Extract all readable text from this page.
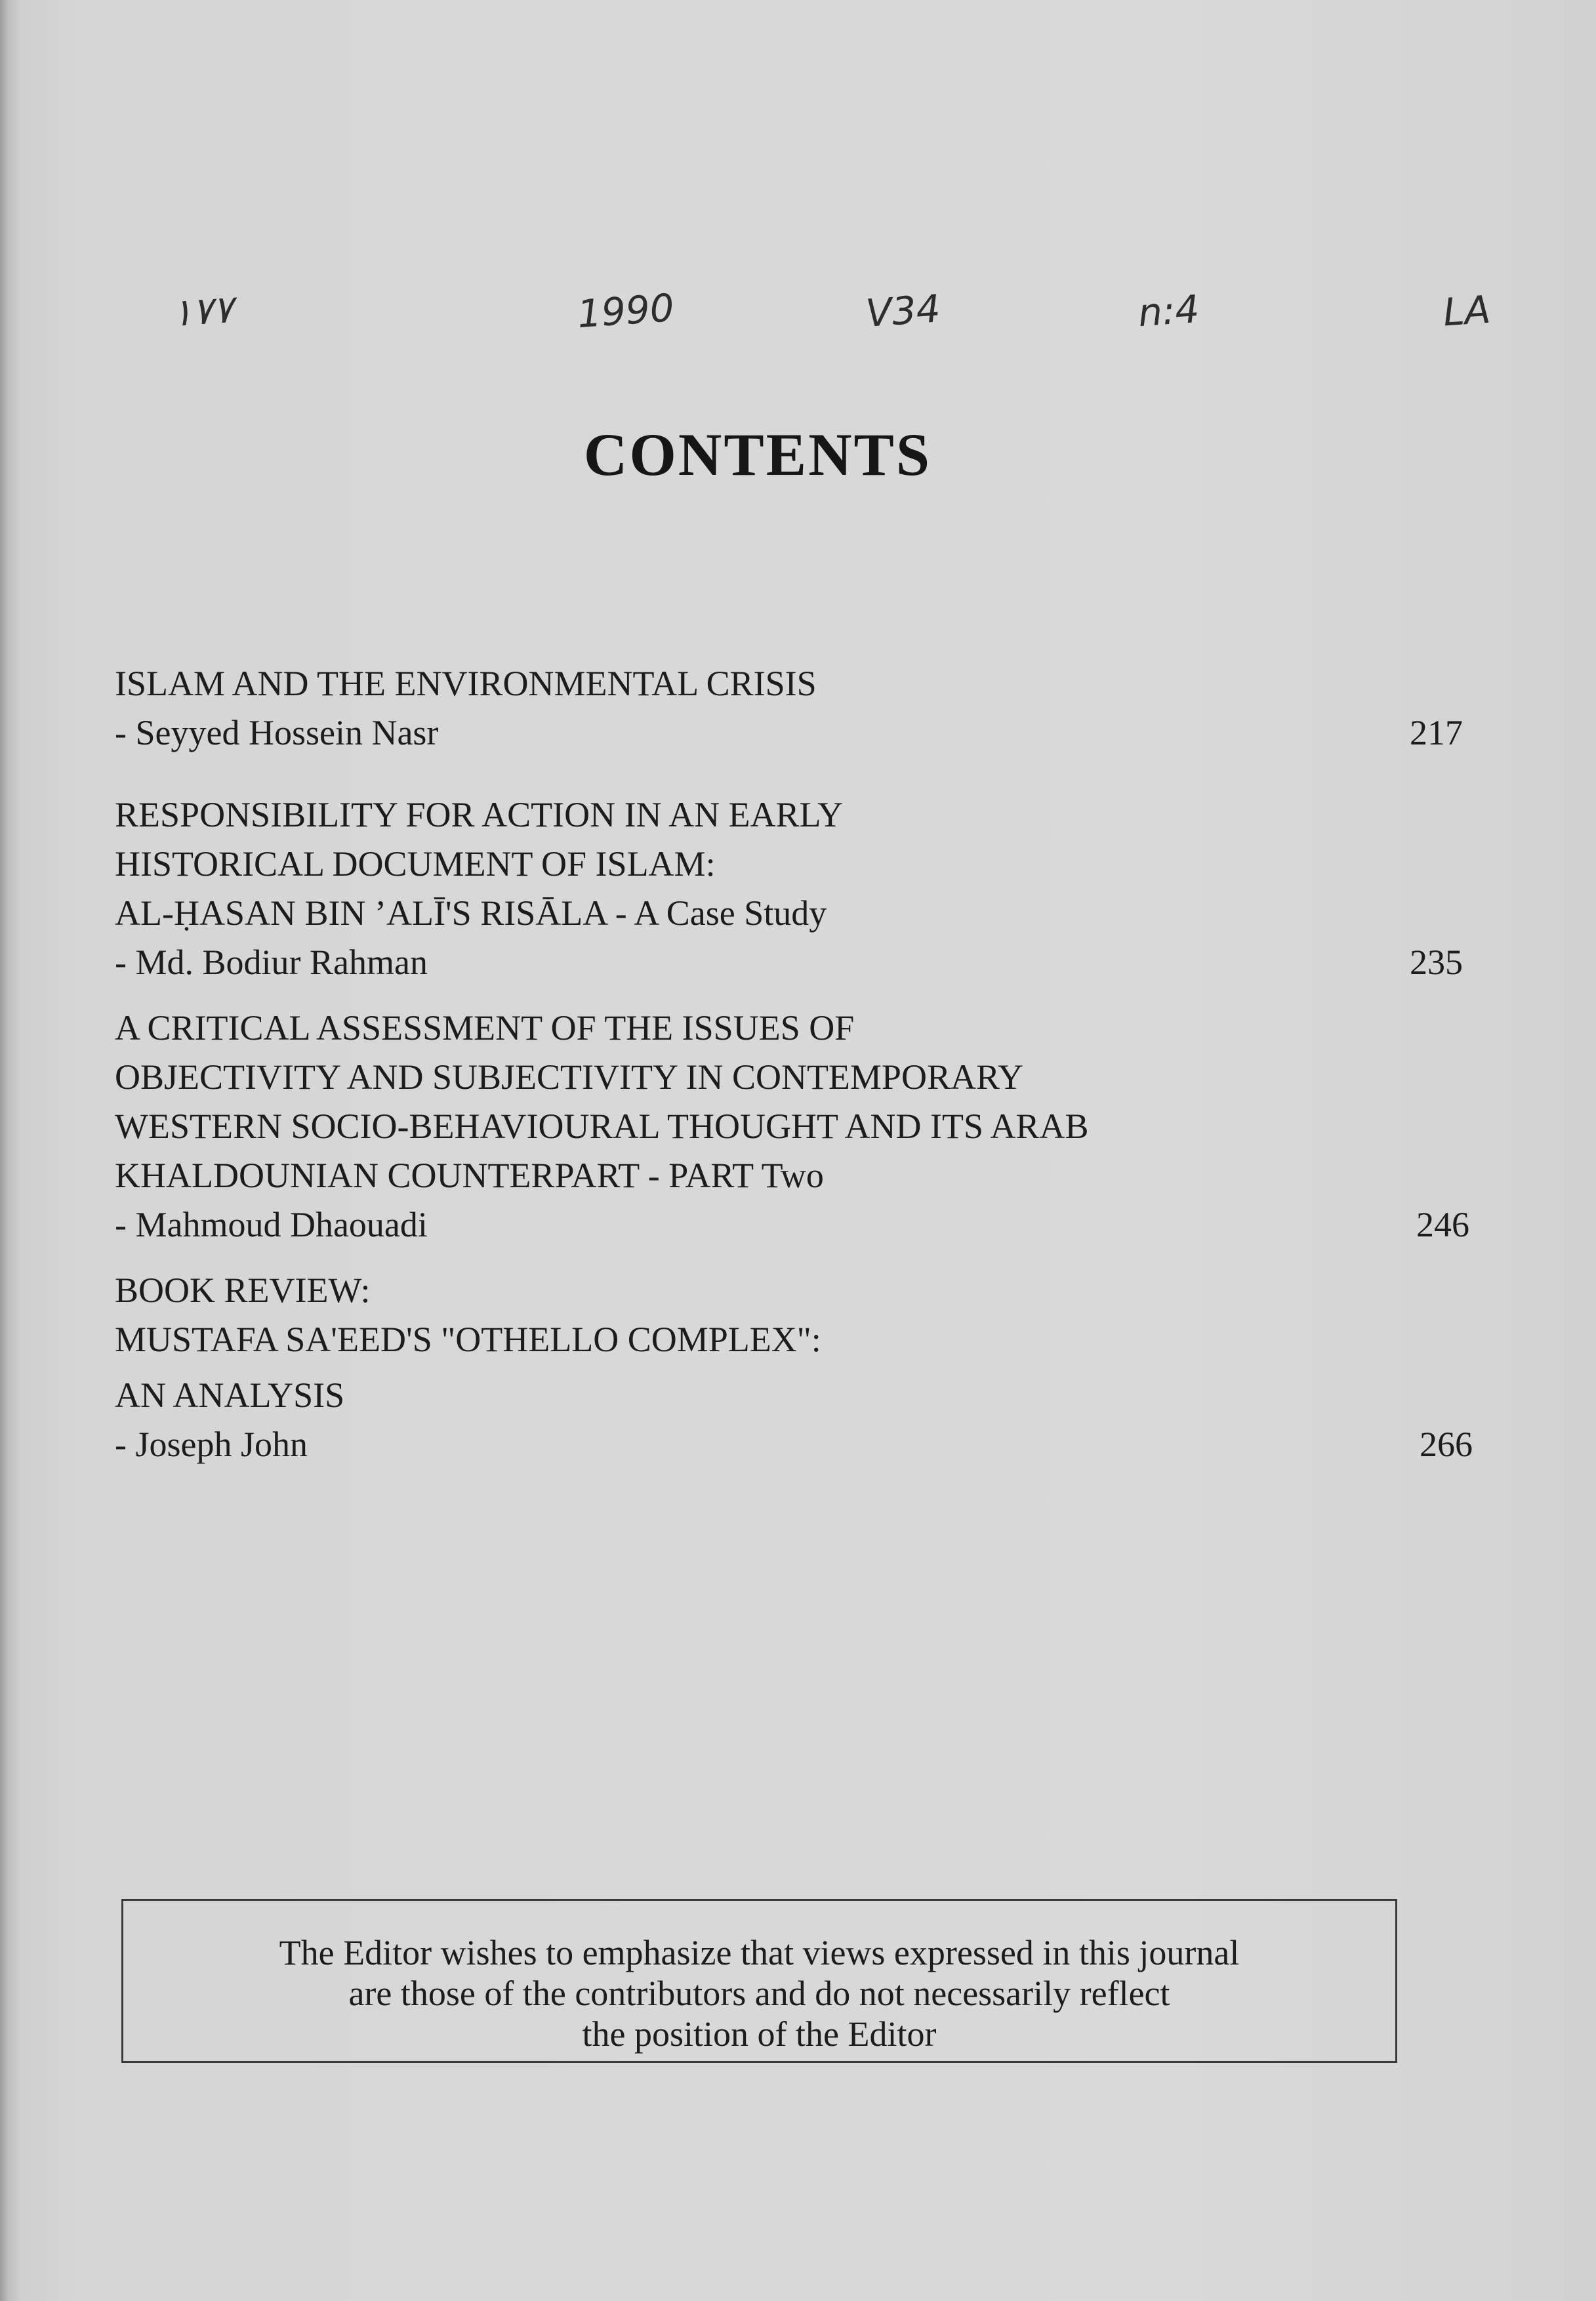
۱۷۷	1990	V34	n:4	LA
CONTENTS
ISLAM AND THE ENVIRONMENTAL CRISIS
- Seyyed Hossein Nasr	217
RESPONSIBILITY FOR ACTION IN AN EARLY
HISTORICAL DOCUMENT OF ISLAM:
AL-ḤASAN BIN ’ALĪ'S RISĀLA - A Case Study
- Md. Bodiur Rahman	235
A CRITICAL ASSESSMENT OF THE ISSUES OF
OBJECTIVITY AND SUBJECTIVITY IN CONTEMPORARY
WESTERN SOCIO-BEHAVIOURAL THOUGHT AND ITS ARAB
KHALDOUNIAN COUNTERPART - PART Two
- Mahmoud Dhaouadi	246
BOOK REVIEW:
MUSTAFA SA'EED'S "OTHELLO COMPLEX":
AN ANALYSIS
- Joseph John	266
The Editor wishes to emphasize that views expressed in this journal
are those of the contributors and do not necessarily reflect
the position of the Editor
